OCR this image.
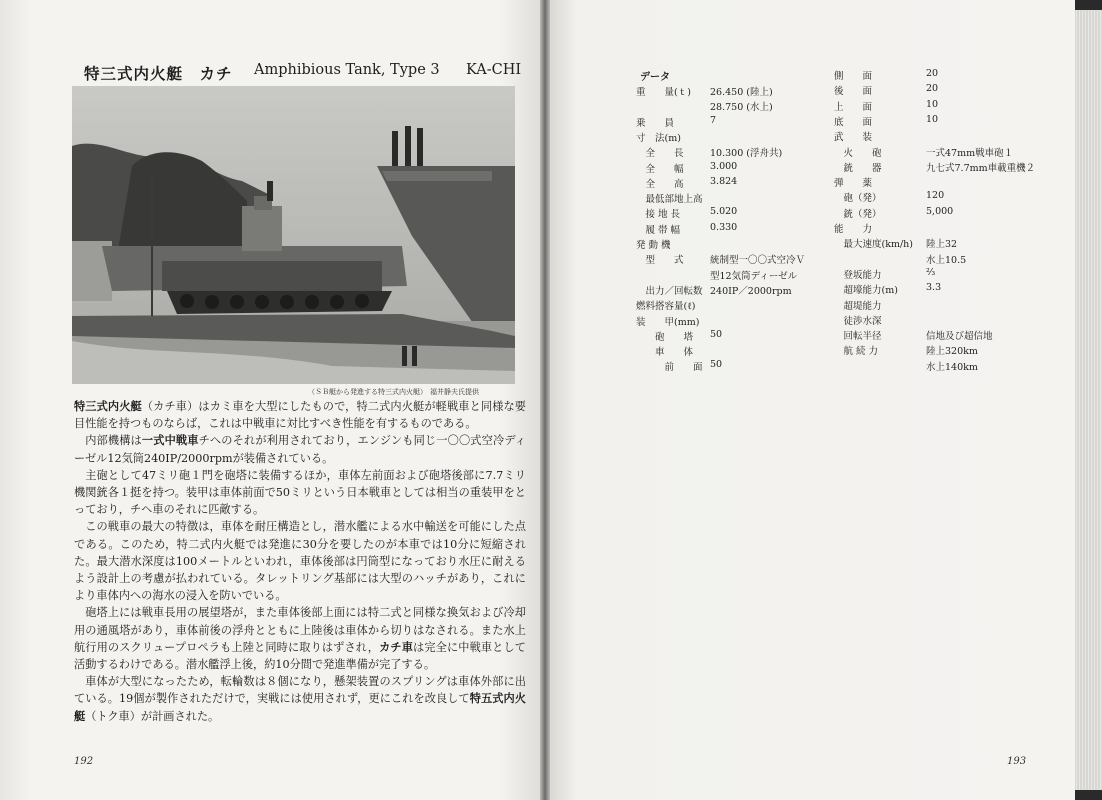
特三式内火艇　カチ Amphibious Tank, Type 3 KA-CHI
（ＳＢ艇から発進する特三式内火艇） 福井静夫氏提供

特三式内火艇（カチ車）はカミ車を大型にしたもので，特二式内火艇が軽戦車と同様な要目性能を持つものならば，これは中戦車に対比すべき性能を有するものである。

内部機構は一式中戦車チへのそれが利用されており，エンジンも同じ一〇〇式空冷ディーゼル12気筒240IP/2000rpmが装備されている。

主砲として47ミリ砲１門を砲塔に装備するほか，車体左前面および砲塔後部に7.7ミリ機関銃各１挺を持つ。装甲は車体前面で50ミリという日本戦車としては相当の重装甲をとっており，チヘ車のそれに匹敵する。

この戦車の最大の特徴は，車体を耐圧構造とし，潜水艦による水中輸送を可能にした点である。このため，特二式内火艇では発進に30分を要したのが本車では10分に短縮された。最大潜水深度は100メートルといわれ，車体後部は円筒型になっており水圧に耐えるよう設計上の考慮が払われている。タレットリング基部には大型のハッチがあり，これにより車体内への海水の浸入を防いでいる。

砲塔上には戦車長用の展望塔が，また車体後部上面には特二式と同様な換気および冷却用の通風塔があり，車体前後の浮舟とともに上陸後は車体から切りはなされる。また水上航行用のスクリュープロペラも上陸と同時に取りはずされ，カチ車は完全に中戦車として活動するわけである。潜水艦浮上後，約10分間で発進準備が完了する。

車体が大型になったため，転輪数は８個になり，懸架装置のスプリングは車体外部に出ている。19個が製作されただけで，実戦には使用されず，更にこれを改良して特五式内火艇（トク車）が計画された。

192
データ
重　　量(ｔ) 26.450 (陸上)
28.750 (水上)
乗　　員	7
寸　法(m)
　全　　長	10.300 (浮舟共)
　全　　幅	3.000
　全　　高	3.824
　最低部地上高
　接 地 長	5.020
　履 帯 幅	0.330
発 動 機
　型　　式	統制型一〇〇式空冷Ｖ
型12気筒ディーゼル
　出力／回転数 240IP／2000rpm
燃料搭容量(ℓ)
装　　甲(mm)
　　砲　　塔 50
　　車　　体
　　　前　　面 50
側　　面	20
後　　面	20
上　　面	10
底　　面	10
武　　装
　火　　砲	一式47mm戦車砲１
　銃　　器	九七式7.7mm車載重機２
弾　　薬
　砲（発）	120
　銃（発）	5,000
能　　力
　最大速度(km/h) 陸上32
水上10.5
　登坂能力	⅔
　超壕能力(m)	3.3
　超堤能力
　徒渉水深
　回転半径	信地及び超信地
　航 続 力	陸上320km
水上140km
193
